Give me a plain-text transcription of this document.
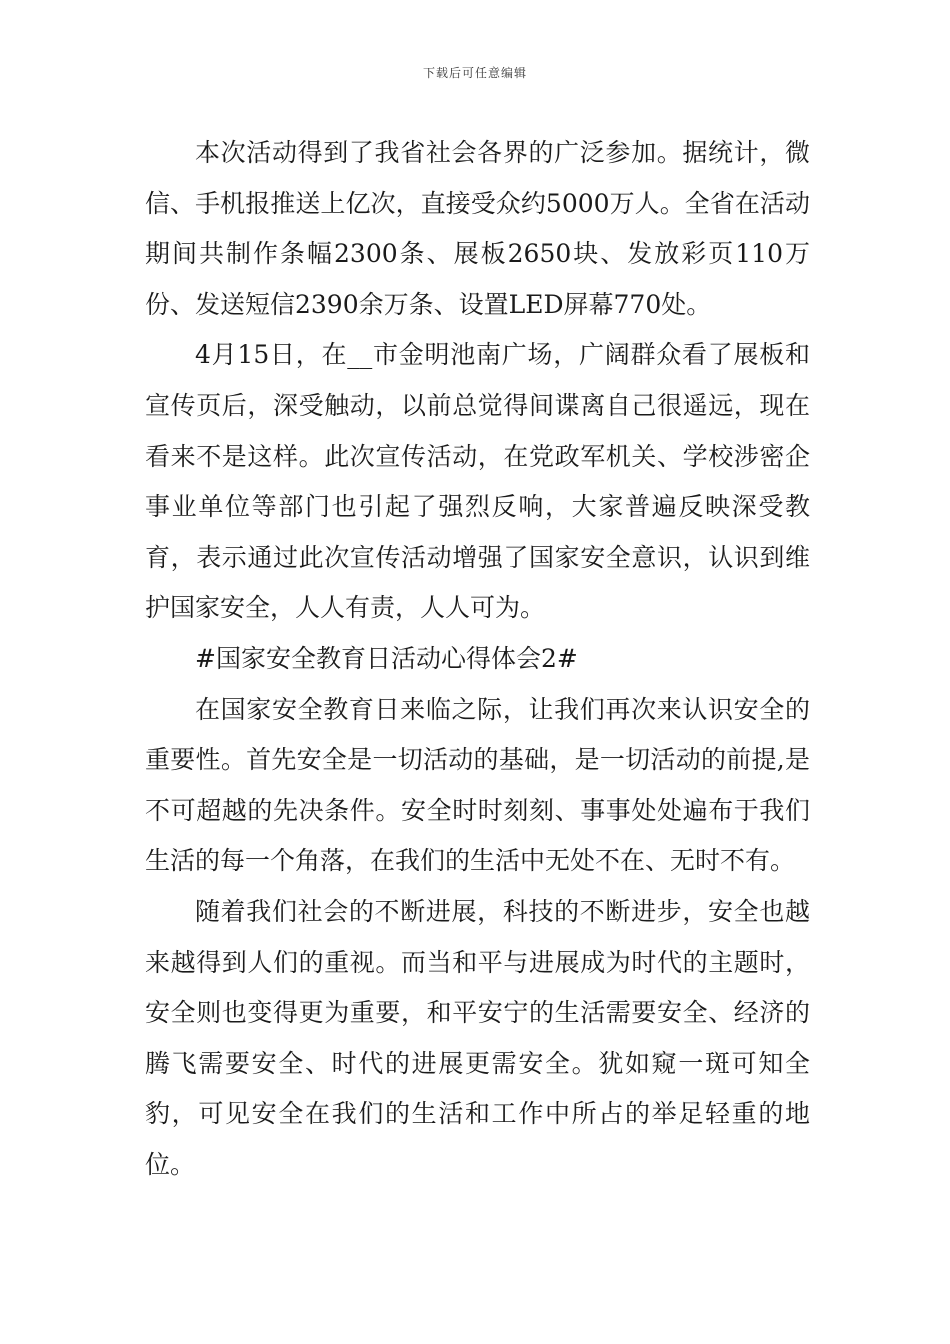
下载后可任意编辑

本次活动得到了我省社会各界的广泛参加。据统计，微信、手机报推送上亿次，直接受众约5000万人。全省在活动期间共制作条幅2300条、展板2650块、发放彩页110万份、发送短信2390余万条、设置LED屏幕770处。

4月15日，在__市金明池南广场，广阔群众看了展板和宣传页后，深受触动，以前总觉得间谍离自己很遥远，现在看来不是这样。此次宣传活动，在党政军机关、学校涉密企事业单位等部门也引起了强烈反响，大家普遍反映深受教育，表示通过此次宣传活动增强了国家安全意识，认识到维护国家安全，人人有责，人人可为。

#国家安全教育日活动心得体会2#

在国家安全教育日来临之际，让我们再次来认识安全的重要性。首先安全是一切活动的基础，是一切活动的前提,是不可超越的先决条件。安全时时刻刻、事事处处遍布于我们生活的每一个角落，在我们的生活中无处不在、无时不有。

随着我们社会的不断进展，科技的不断进步，安全也越来越得到人们的重视。而当和平与进展成为时代的主题时，安全则也变得更为重要，和平安宁的生活需要安全、经济的腾飞需要安全、时代的进展更需安全。犹如窥一斑可知全豹，可见安全在我们的生活和工作中所占的举足轻重的地位。
